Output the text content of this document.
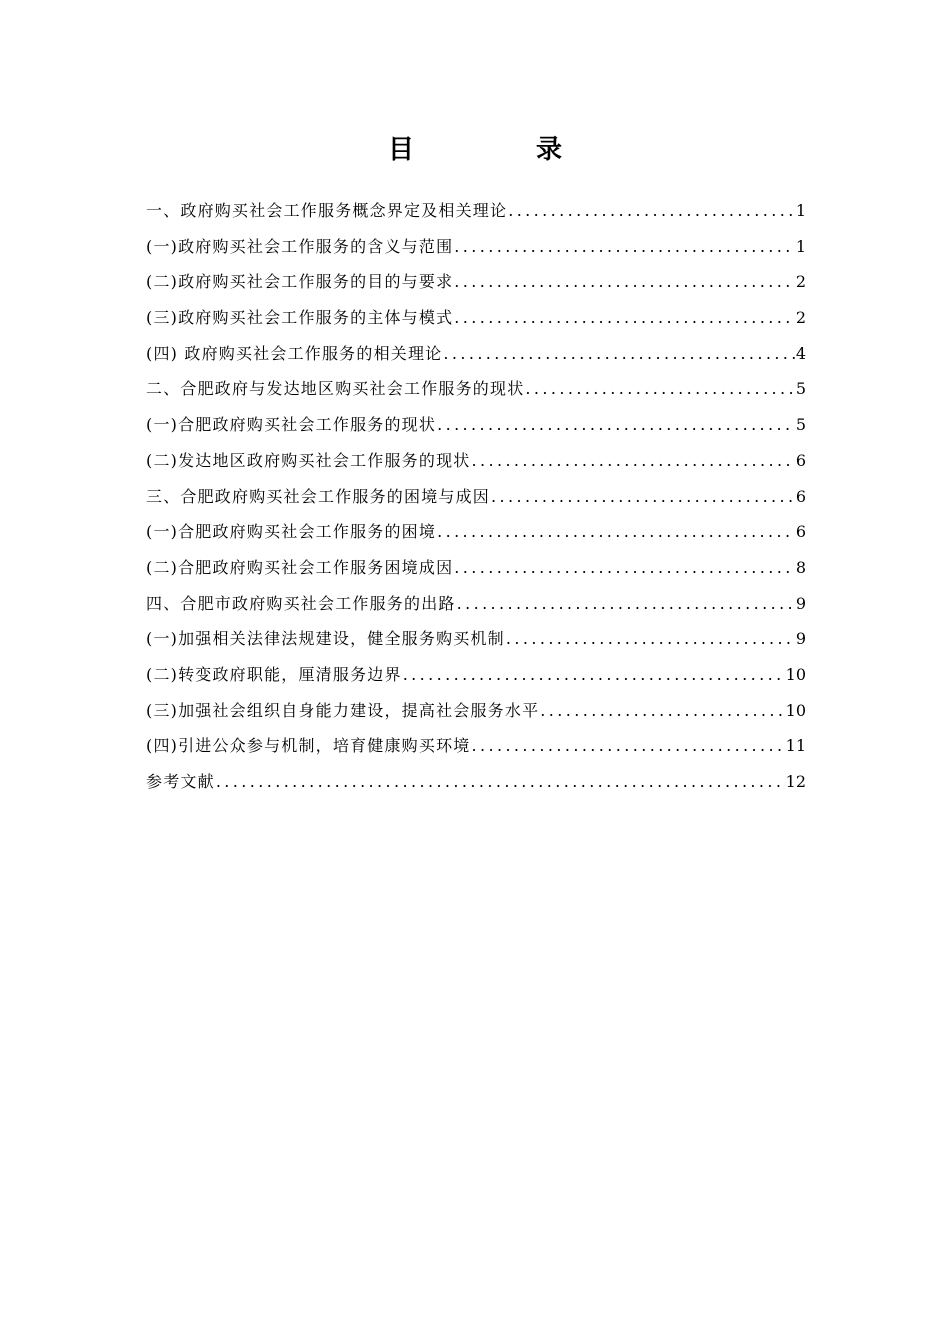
目　录
一、政府购买社会工作服务概念界定及相关理论 .....	1
(一)政府购买社会工作服务的含义与范围 .....	1
(二)政府购买社会工作服务的目的与要求 .....	2
(三)政府购买社会工作服务的主体与模式 .....	2
(四) 政府购买社会工作服务的相关理论 .....	4
二、合肥政府与发达地区购买社会工作服务的现状 .....	5
(一)合肥政府购买社会工作服务的现状 .....	5
(二)发达地区政府购买社会工作服务的现状 .....	6
三、合肥政府购买社会工作服务的困境与成因 .....	6
(一)合肥政府购买社会工作服务的困境 .....	6
(二)合肥政府购买社会工作服务困境成因 .....	8
四、合肥市政府购买社会工作服务的出路 .....	9
(一)加强相关法律法规建设，健全服务购买机制 .....	9
(二)转变政府职能，厘清服务边界 .....	10
(三)加强社会组织自身能力建设，提高社会服务水平 .....	10
(四)引进公众参与机制，培育健康购买环境 .....	11
参考文献 .....	12
